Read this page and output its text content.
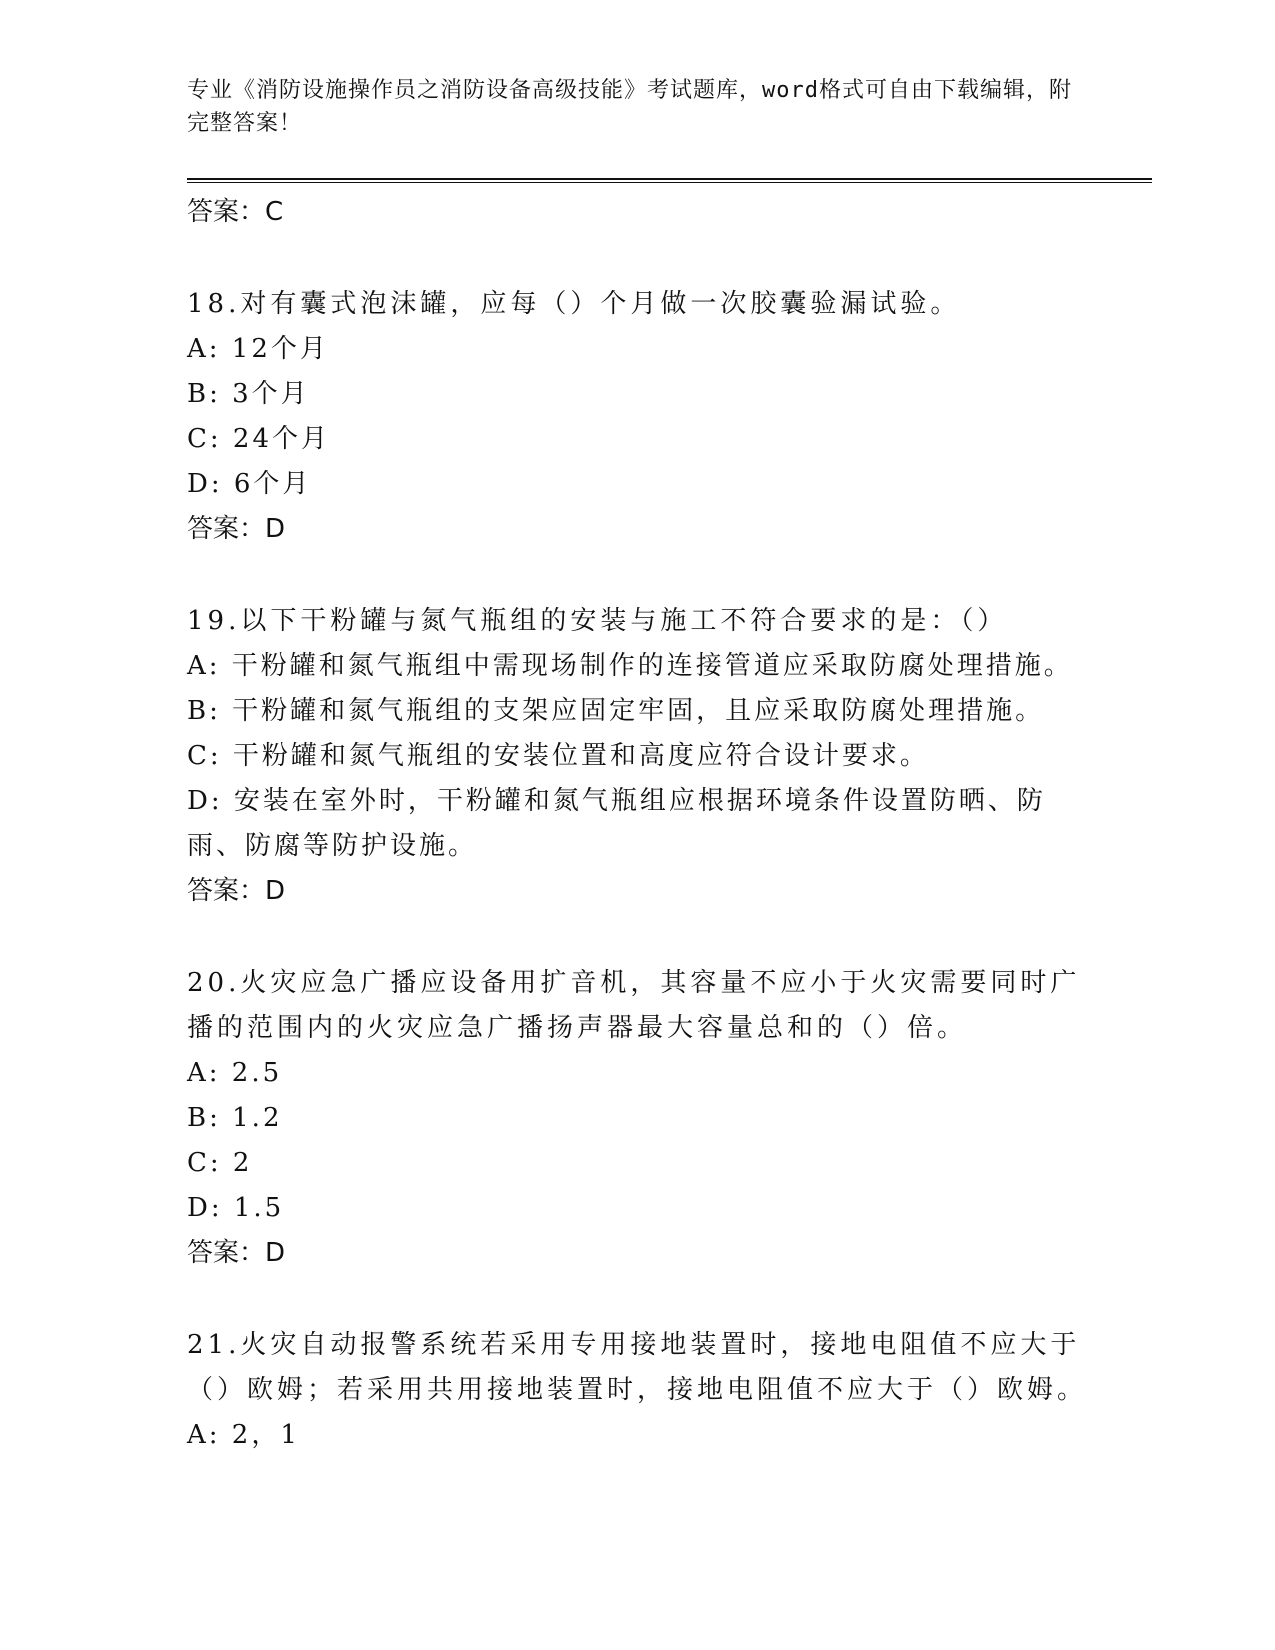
专业《消防设施操作员之消防设备高级技能》考试题库，word格式可自由下载编辑，附完整答案！
答案：C
18.对有囊式泡沫罐，应每（）个月做一次胶囊验漏试验。
A: 12个月
B: 3个月
C: 24个月
D: 6个月
答案：D
19.以下干粉罐与氮气瓶组的安装与施工不符合要求的是：（）
A: 干粉罐和氮气瓶组中需现场制作的连接管道应采取防腐处理措施。
B: 干粉罐和氮气瓶组的支架应固定牢固，且应采取防腐处理措施。
C: 干粉罐和氮气瓶组的安装位置和高度应符合设计要求。
D: 安装在室外时，干粉罐和氮气瓶组应根据环境条件设置防晒、防雨、防腐等防护设施。
答案：D
20.火灾应急广播应设备用扩音机，其容量不应小于火灾需要同时广播的范围内的火灾应急广播扬声器最大容量总和的（）倍。
A: 2.5
B: 1.2
C: 2
D: 1.5
答案：D
21.火灾自动报警系统若采用专用接地装置时，接地电阻值不应大于（）欧姆；若采用共用接地装置时，接地电阻值不应大于（）欧姆。
A: 2，1
